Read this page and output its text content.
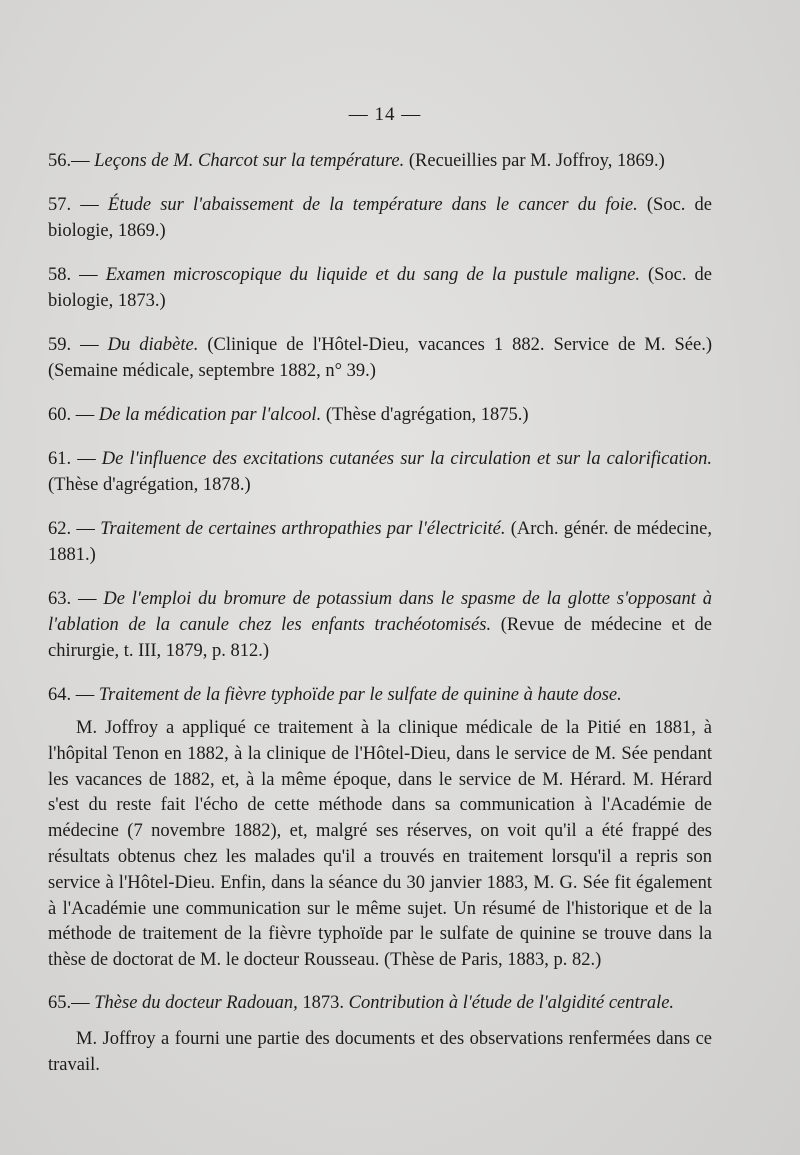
— 14 —

56.— Leçons de M. Charcot sur la température. (Recueillies par M. Joffroy, 1869.)

57. — Étude sur l'abaissement de la température dans le cancer du foie. (Soc. de biologie, 1869.)

58. — Examen microscopique du liquide et du sang de la pustule maligne. (Soc. de biologie, 1873.)

59. — Du diabète. (Clinique de l'Hôtel-Dieu, vacances 1 882. Service de M. Sée.) (Semaine médicale, septembre 1882, n° 39.)

60. — De la médication par l'alcool. (Thèse d'agrégation, 1875.)

61. — De l'influence des excitations cutanées sur la circulation et sur la calorification. (Thèse d'agrégation, 1878.)

62. — Traitement de certaines arthropathies par l'électricité. (Arch. génér. de médecine, 1881.)

63. — De l'emploi du bromure de potassium dans le spasme de la glotte s'opposant à l'ablation de la canule chez les enfants trachéotomisés. (Revue de médecine et de chirurgie, t. III, 1879, p. 812.)

64. — Traitement de la fièvre typhoïde par le sulfate de quinine à haute dose.

M. Joffroy a appliqué ce traitement à la clinique médicale de la Pitié en 1881, à l'hôpital Tenon en 1882, à la clinique de l'Hôtel-Dieu, dans le service de M. Sée pendant les vacances de 1882, et, à la même époque, dans le service de M. Hérard. M. Hérard s'est du reste fait l'écho de cette méthode dans sa communication à l'Académie de médecine (7 novembre 1882), et, malgré ses réserves, on voit qu'il a été frappé des résultats obtenus chez les malades qu'il a trouvés en traitement lorsqu'il a repris son service à l'Hôtel-Dieu. Enfin, dans la séance du 30 janvier 1883, M. G. Sée fit également à l'Académie une communication sur le même sujet. Un résumé de l'historique et de la méthode de traitement de la fièvre typhoïde par le sulfate de quinine se trouve dans la thèse de doctorat de M. le docteur Rousseau. (Thèse de Paris, 1883, p. 82.)

65.— Thèse du docteur Radouan, 1873. Contribution à l'étude de l'algidité centrale.

M. Joffroy a fourni une partie des documents et des observations renfermées dans ce travail.
